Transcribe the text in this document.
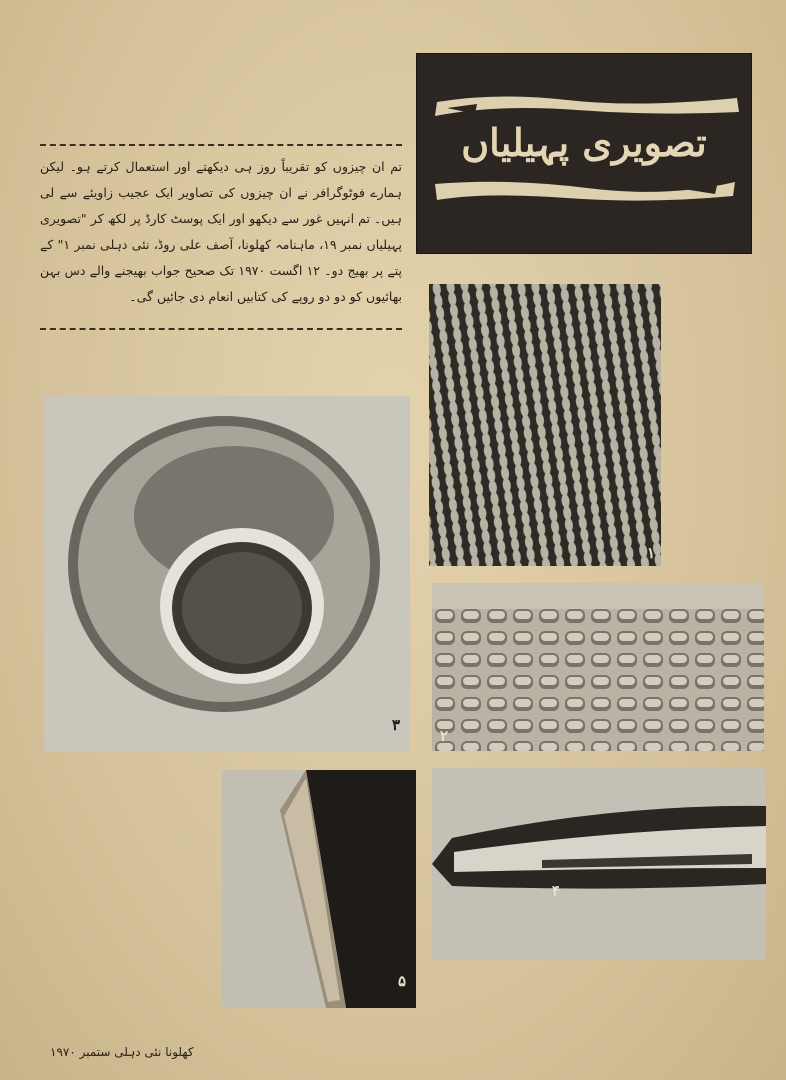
تصویری پہیلیاں
تم ان چیزوں کو تقریباً روز ہی دیکھتے اور استعمال کرتے ہو۔ لیکن ہمارے فوٹوگرافر نے ان چیزوں کی تصاویر ایک عجیب زاویئے سے لی ہیں۔ تم انہیں غور سے دیکھو اور ایک پوسٹ کارڈ پر لکھ کر "تصویری پہیلیاں نمبر ۱۹، ماہنامہ کھلونا، آصف علی روڈ، نئی دہلی نمبر ۱" کے پتے پر بھیج دو۔ ۱۲ اگست ۱۹۷۰ تک صحیح جواب بھیجنے والے دس بہن بھائیوں کو دو دو روپے کی کتابیں انعام دی جائیں گی۔
١
٣
٢
۵
۴
کھلونا نئی دہلی ستمبر ۱۹۷۰
